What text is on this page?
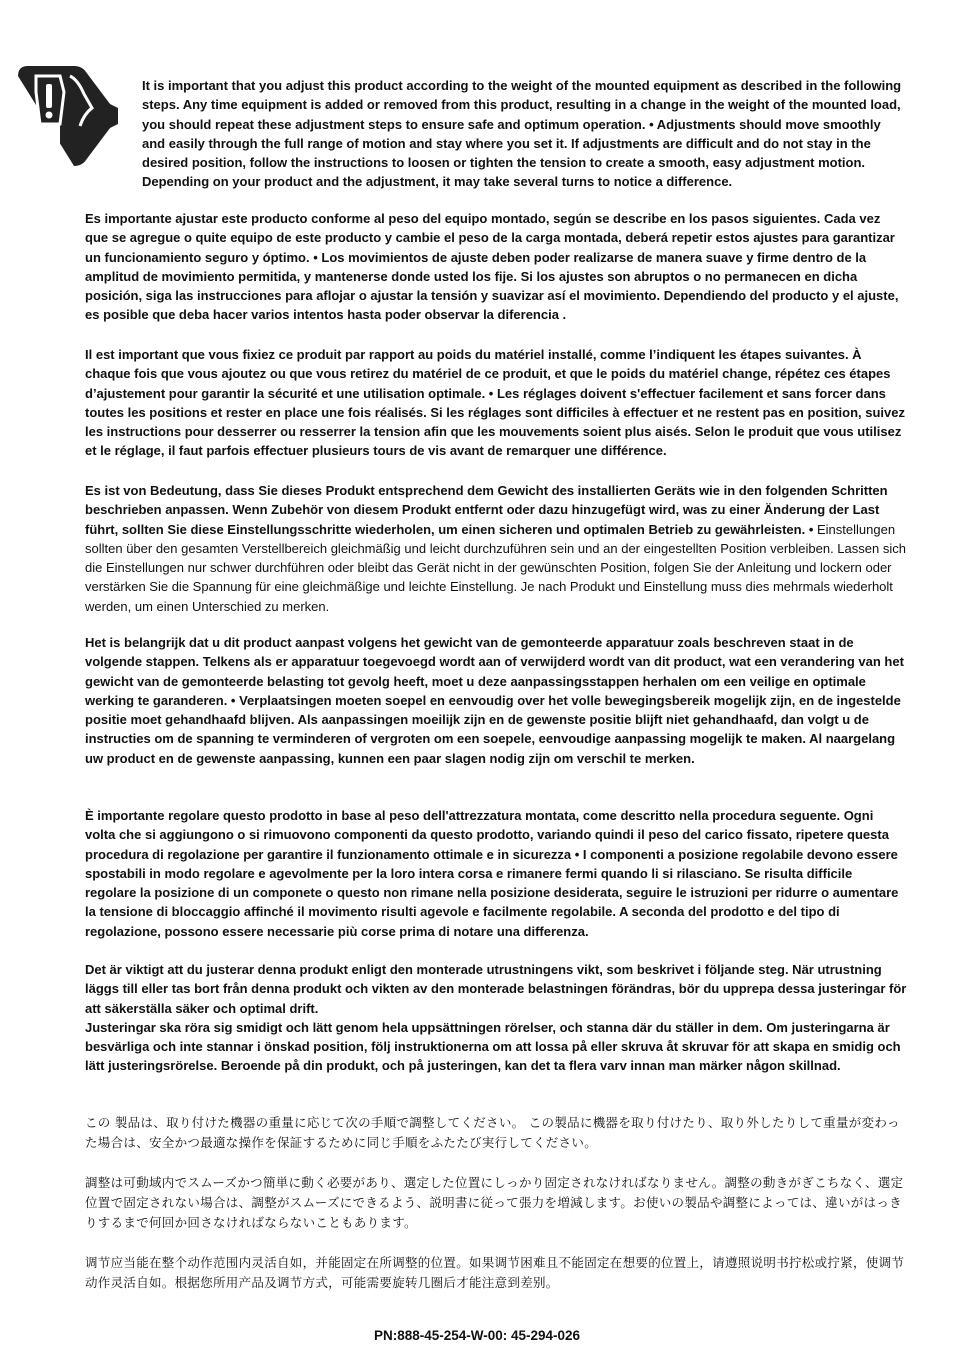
It is important that you adjust this product according to the weight of the mounted equipment as described in the following steps. Any time equipment is added or removed from this product, resulting in a change in the weight of the mounted load, you should repeat these adjustment steps to ensure safe and optimum operation. • Adjustments should move smoothly and easily through the full range of motion and stay where you set it. If adjustments are difficult and do not stay in the desired position, follow the instructions to loosen or tighten the tension to create a smooth, easy adjustment motion. Depending on your product and the adjustment, it may take several turns to notice a difference.
Es importante ajustar este producto conforme al peso del equipo montado, según se describe en los pasos siguientes. Cada vez que se agregue o quite equipo de este producto y cambie el peso de la carga montada, deberá repetir estos ajustes para garantizar un funcionamiento seguro y óptimo. • Los movimientos de ajuste deben poder realizarse de manera suave y firme dentro de la amplitud de movimiento permitida, y mantenerse donde usted los fije. Si los ajustes son abruptos o no permanecen en dicha posición, siga las instrucciones para aflojar o ajustar la tensión y suavizar así el movimiento. Dependiendo del producto y el ajuste, es posible que deba hacer varios intentos hasta poder observar la diferencia .
Il est important que vous fixiez ce produit par rapport au poids du matériel installé, comme l’indiquent les étapes suivantes. À chaque fois que vous ajoutez ou que vous retirez du matériel de ce produit, et que le poids du matériel change, répétez ces étapes d’ajustement pour garantir la sécurité et une utilisation optimale. • Les réglages doivent s'effectuer facilement et sans forcer dans toutes les positions et rester en place une fois réalisés. Si les réglages sont difficiles à effectuer et ne restent pas en position, suivez les instructions pour desserrer ou resserrer la tension afin que les mouvements soient plus aisés. Selon le produit que vous utilisez et le réglage, il faut parfois effectuer plusieurs tours de vis avant de remarquer une différence.
Es ist von Bedeutung, dass Sie dieses Produkt entsprechend dem Gewicht des installierten Geräts wie in den folgenden Schritten beschrieben anpassen. Wenn Zubehör von diesem Produkt entfernt oder dazu hinzugefügt wird, was zu einer Änderung der Last führt, sollten Sie diese Einstellungsschritte wiederholen, um einen sicheren und optimalen Betrieb zu gewährleisten. • Einstellungen sollten über den gesamten Verstellbereich gleichmäßig und leicht durchzuführen sein und an der eingestellten Position verbleiben. Lassen sich die Einstellungen nur schwer durchführen oder bleibt das Gerät nicht in der gewünschten Position, folgen Sie der Anleitung und lockern oder verstärken Sie die Spannung für eine gleichmäßige und leichte Einstellung. Je nach Produkt und Einstellung muss dies mehrmals wiederholt werden, um einen Unterschied zu merken.
Het is belangrijk dat u dit product aanpast volgens het gewicht van de gemonteerde apparatuur zoals beschreven staat in de volgende stappen. Telkens als er apparatuur toegevoegd wordt aan of verwijderd wordt van dit product, wat een verandering van het gewicht van de gemonteerde belasting tot gevolg heeft, moet u deze aanpassingsstappen herhalen om een veilige en optimale werking te garanderen. • Verplaatsingen moeten soepel en eenvoudig over het volle bewegingsbereik mogelijk zijn, en de ingestelde positie moet gehandhaafd blijven. Als aanpassingen moeilijk zijn en de gewenste positie blijft niet gehandhaafd, dan volgt u de instructies om de spanning te verminderen of vergroten om een soepele, eenvoudige aanpassing mogelijk te maken. Al naargelang uw product en de gewenste aanpassing, kunnen een paar slagen nodig zijn om verschil te merken.
È importante regolare questo prodotto in base al peso dell'attrezzatura montata, come descritto nella procedura seguente. Ogni volta che si aggiungono o si rimuovono componenti da questo prodotto, variando quindi il peso del carico fissato, ripetere questa procedura di regolazione per garantire il funzionamento ottimale e in sicurezza • I componenti a posizione regolabile devono essere spostabili in modo regolare e agevolmente per la loro intera corsa e rimanere fermi quando li si rilasciano. Se risulta difficile regolare la posizione di un componete o questo non rimane nella posizione desiderata, seguire le istruzioni per ridurre o aumentare la tensione di bloccaggio affinché il movimento risulti agevole e facilmente regolabile. A seconda del prodotto e del tipo di regolazione, possono essere necessarie più corse prima di notare una differenza.
Det är viktigt att du justerar denna produkt enligt den monterade utrustningens vikt, som beskrivet i följande steg. När utrustning läggs till eller tas bort från denna produkt och vikten av den monterade belastningen förändras, bör du upprepa dessa justeringar för att säkerställa säker och optimal drift.
Justeringar ska röra sig smidigt och lätt genom hela uppsättningen rörelser, och stanna där du ställer in dem. Om justeringarna är besvärliga och inte stannar i önskad position, följ instruktionerna om att lossa på eller skruva åt skruvar för att skapa en smidig och lätt justeringsrörelse. Beroende på din produkt, och på justeringen, kan det ta flera varv innan man märker någon skillnad.
この 製品は、取り付けた機器の重量に応じて次の手順で調整してください。 この製品に機器を取り付けたり、取り外したりして重量が変わった場合は、安全かつ最適な操作を保証するために同じ手順をふたたび実行してください。
調整は可動域内でスムーズかつ簡単に動く必要があり、選定した位置にしっかり固定されなければなりません。調整の動きがぎこちなく、選定位置で固定されない場合は、調整がスムーズにできるよう、説明書に従って張力を増減します。お使いの製品や調整によっては、違いがはっきりするまで何回か回さなければならないこともあります。
调节应当能在整个动作范围内灵活自如，并能固定在所调整的位置。如果调节困难且不能固定在想要的位置上，请遵照说明书拧松或拧紧，使调节动作灵活自如。根据您所用产品及调节方式，可能需要旋转几圈后才能注意到差别。
PN:888-45-254-W-00: 45-294-026
